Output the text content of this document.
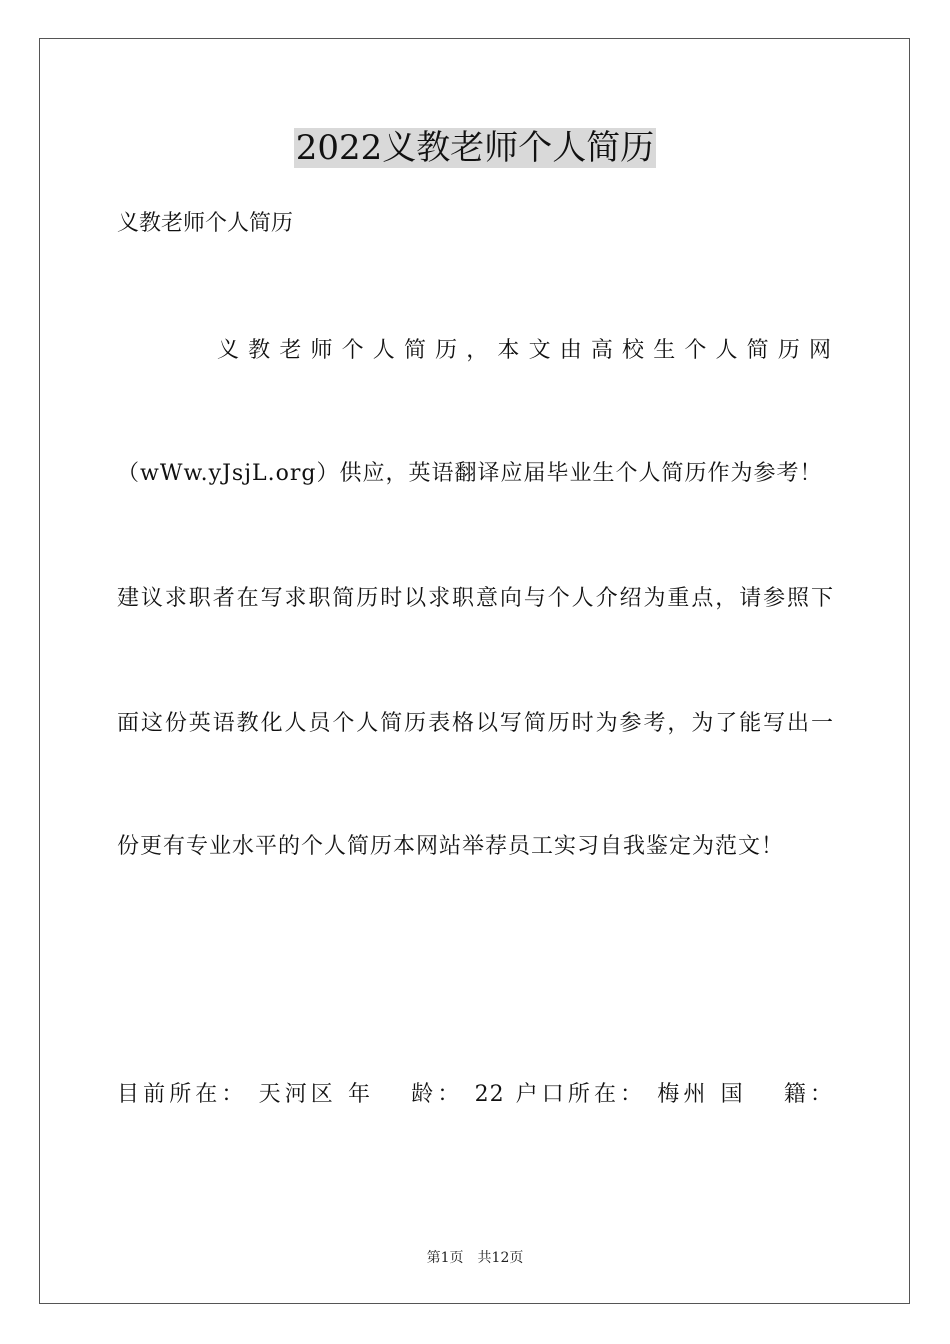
2022义教老师个人简历
义教老师个人简历
义教老师个人简历，本文由高校生个人简历网
（wWw.yJsjL.org）供应，英语翻译应届毕业生个人简历作为参考！
建议求职者在写求职简历时以求职意向与个人介绍为重点，请参照下
面这份英语教化人员个人简历表格以写简历时为参考，为了能写出一
份更有专业水平的个人简历本网站举荐员工实习自我鉴定为范文！
目前所在： 天河区 年　 龄： 22 户口所在： 梅州 国　 籍：
第1页　共12页
